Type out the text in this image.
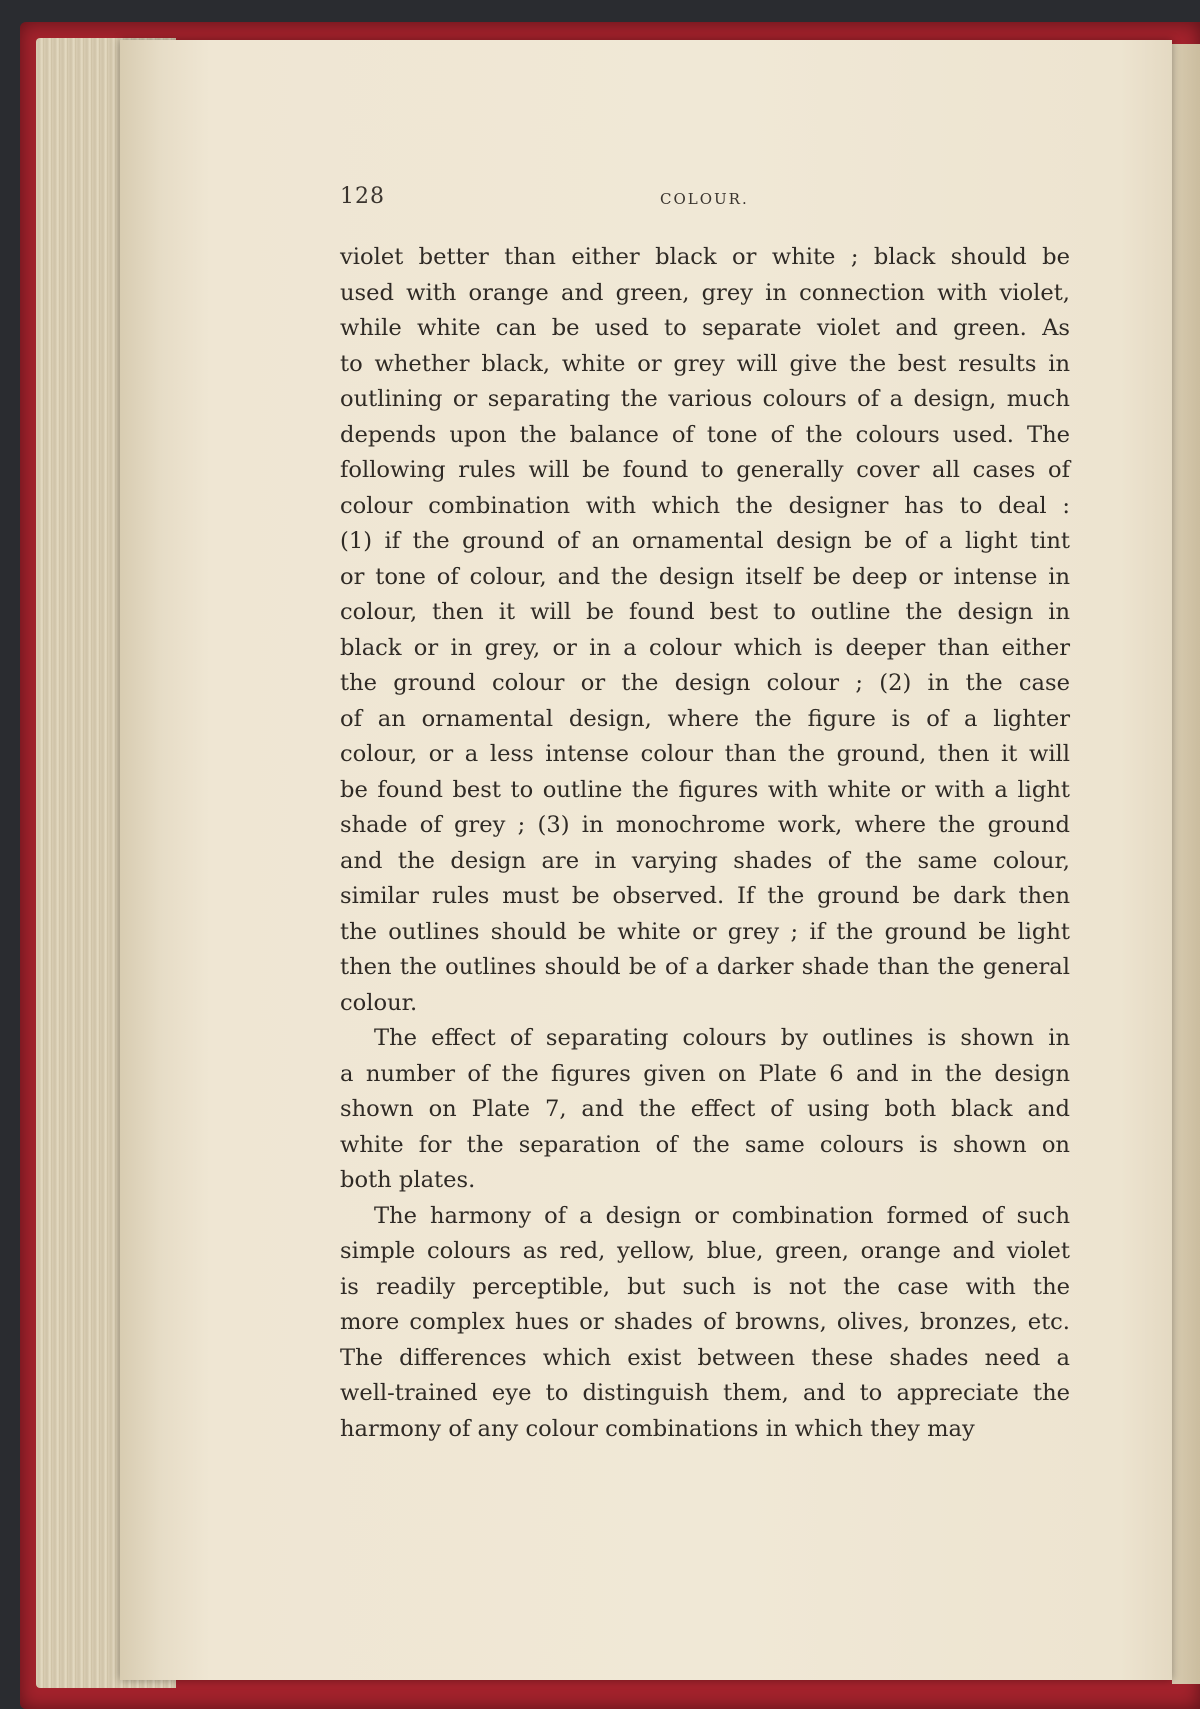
128	COLOUR.
violet better than either black or white ; black should be
used with orange and green, grey in connection with violet,
while white can be used to separate violet and green. As
to whether black, white or grey will give the best results in
outlining or separating the various colours of a design, much
depends upon the balance of tone of the colours used. The
following rules will be found to generally cover all cases of
colour combination with which the designer has to deal :
(1) if the ground of an ornamental design be of a light tint
or tone of colour, and the design itself be deep or intense in
colour, then it will be found best to outline the design in
black or in grey, or in a colour which is deeper than either
the ground colour or the design colour ; (2) in the case
of an ornamental design, where the figure is of a lighter
colour, or a less intense colour than the ground, then it will
be found best to outline the figures with white or with a light
shade of grey ; (3) in monochrome work, where the ground
and the design are in varying shades of the same colour,
similar rules must be observed. If the ground be dark then
the outlines should be white or grey ; if the ground be light
then the outlines should be of a darker shade than the general
colour.
The effect of separating colours by outlines is shown in
a number of the figures given on Plate 6 and in the design
shown on Plate 7, and the effect of using both black and
white for the separation of the same colours is shown on
both plates.
The harmony of a design or combination formed of such
simple colours as red, yellow, blue, green, orange and violet
is readily perceptible, but such is not the case with the
more complex hues or shades of browns, olives, bronzes, etc.
The differences which exist between these shades need a
well-trained eye to distinguish them, and to appreciate the
harmony of any colour combinations in which they may
